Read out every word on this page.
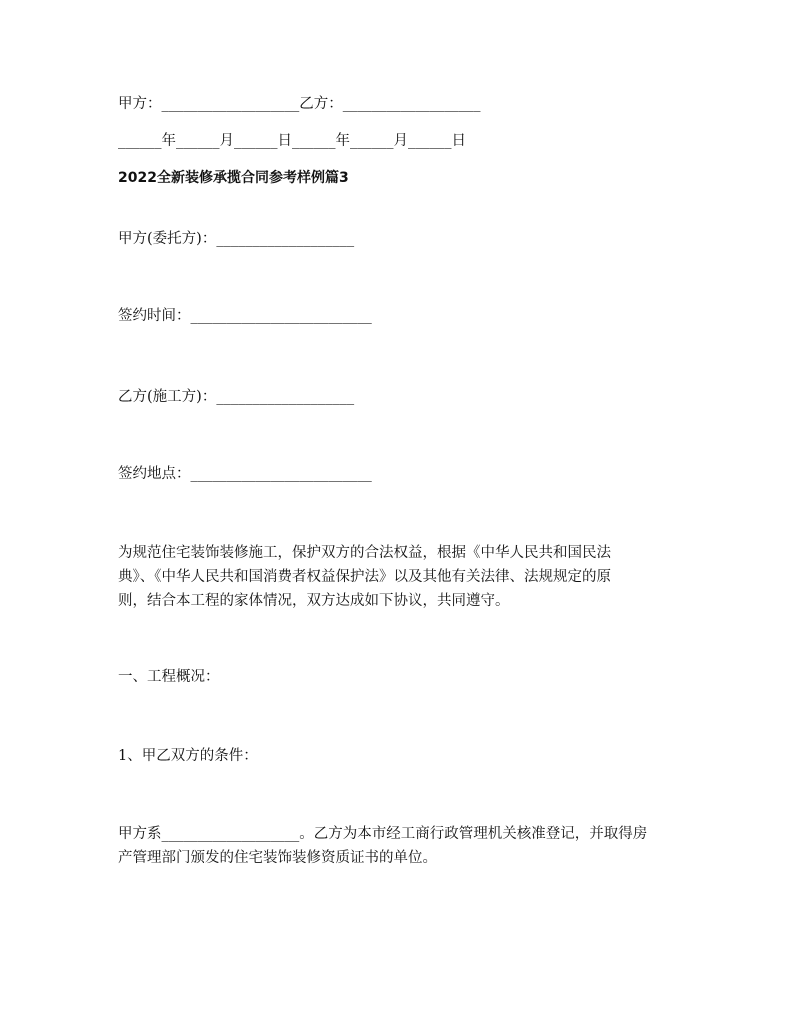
甲方：___________________乙方：___________________
______年______月______日______年______月______日
2022全新装修承揽合同参考样例篇3
甲方(委托方)：___________________
签约时间：_________________________
乙方(施工方)：___________________
签约地点：_________________________

为规范住宅装饰装修施工，保护双方的合法权益，根据《中华人民共和国民法

典》、《中华人民共和国消费者权益保护法》以及其他有关法律、法规规定的原

则，结合本工程的家体情况，双方达成如下协议，共同遵守。

一、工程概况：
1、甲乙双方的条件：

甲方系___________________。乙方为本市经工商行政管理机关核准登记，并取得房

产管理部门颁发的住宅装饰装修资质证书的单位。
